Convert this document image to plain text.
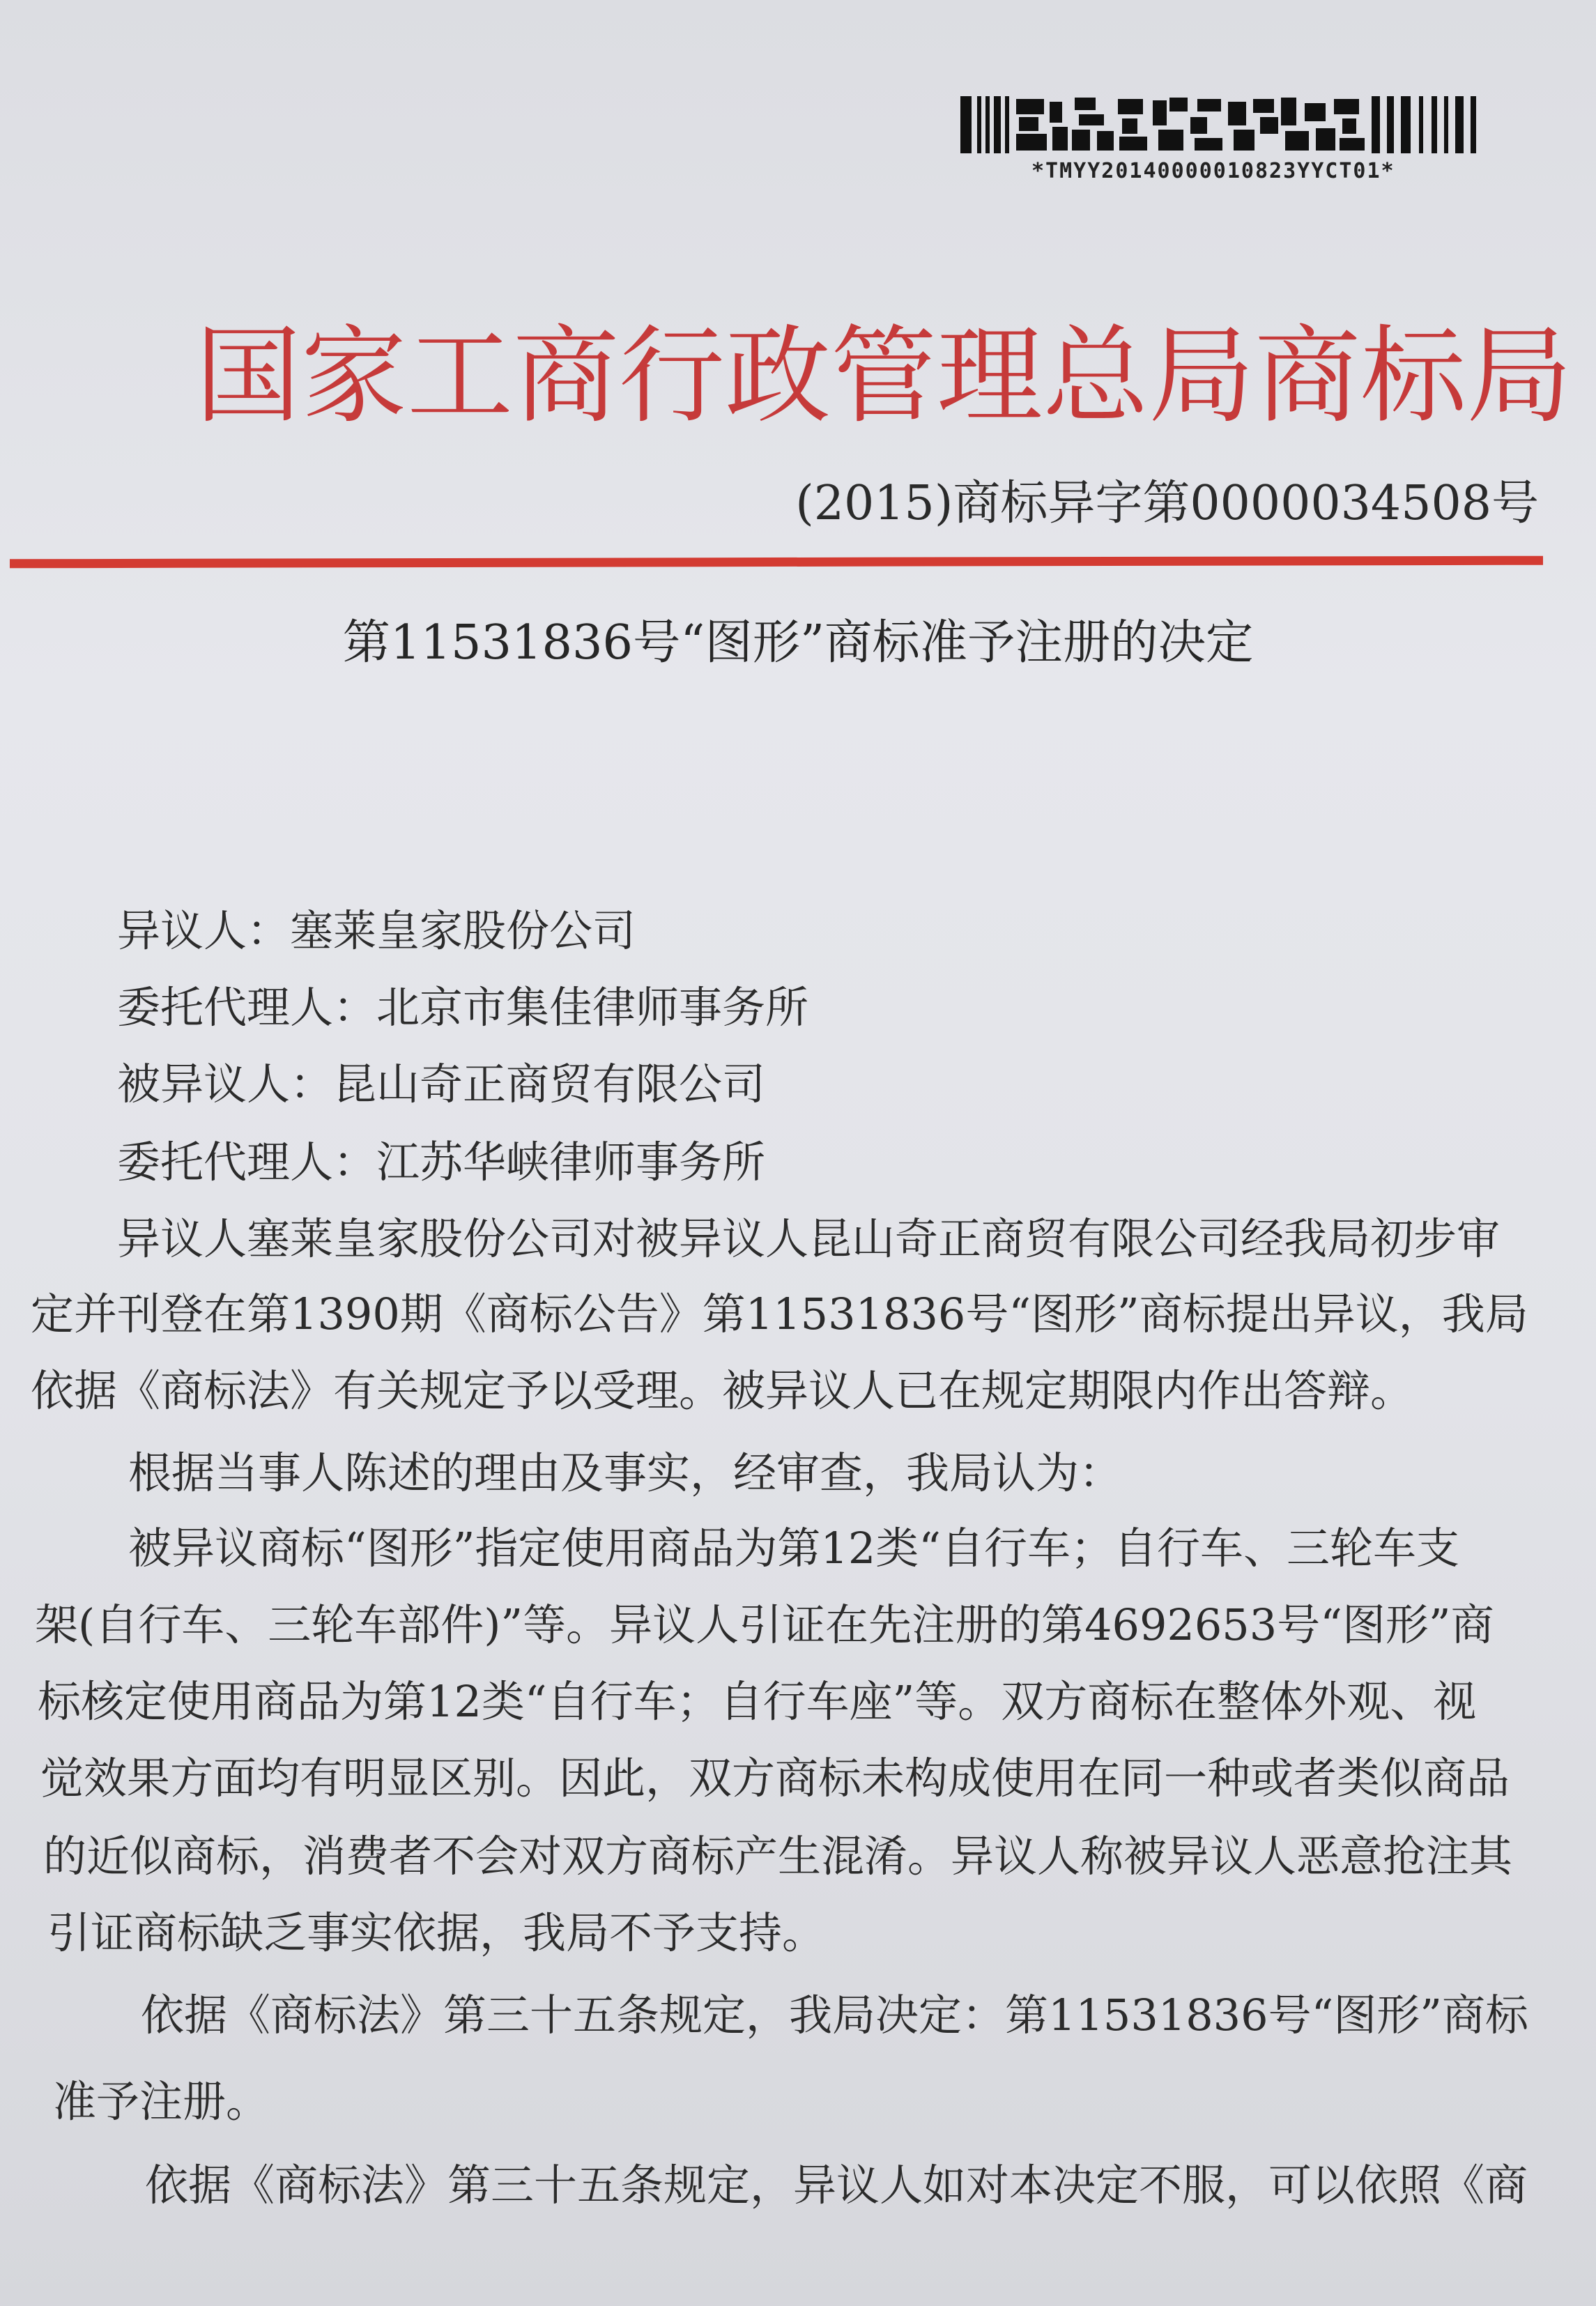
*TMYY20140000010823YYCT01*
国家工商行政管理总局商标局
(2015)商标异字第0000034508号
第11531836号“图形”商标准予注册的决定
异议人：塞莱皇家股份公司
委托代理人：北京市集佳律师事务所
被异议人：昆山奇正商贸有限公司
委托代理人：江苏华峡律师事务所
异议人塞莱皇家股份公司对被异议人昆山奇正商贸有限公司经我局初步审
定并刊登在第1390期《商标公告》第11531836号“图形”商标提出异议，我局
依据《商标法》有关规定予以受理。被异议人已在规定期限内作出答辩。
根据当事人陈述的理由及事实，经审查，我局认为：
被异议商标“图形”指定使用商品为第12类“自行车；自行车、三轮车支
架(自行车、三轮车部件)”等。异议人引证在先注册的第4692653号“图形”商
标核定使用商品为第12类“自行车；自行车座”等。双方商标在整体外观、视
觉效果方面均有明显区别。因此，双方商标未构成使用在同一种或者类似商品
的近似商标，消费者不会对双方商标产生混淆。异议人称被异议人恶意抢注其
引证商标缺乏事实依据，我局不予支持。
依据《商标法》第三十五条规定，我局决定：第11531836号“图形”商标
准予注册。
依据《商标法》第三十五条规定，异议人如对本决定不服，可以依照《商
